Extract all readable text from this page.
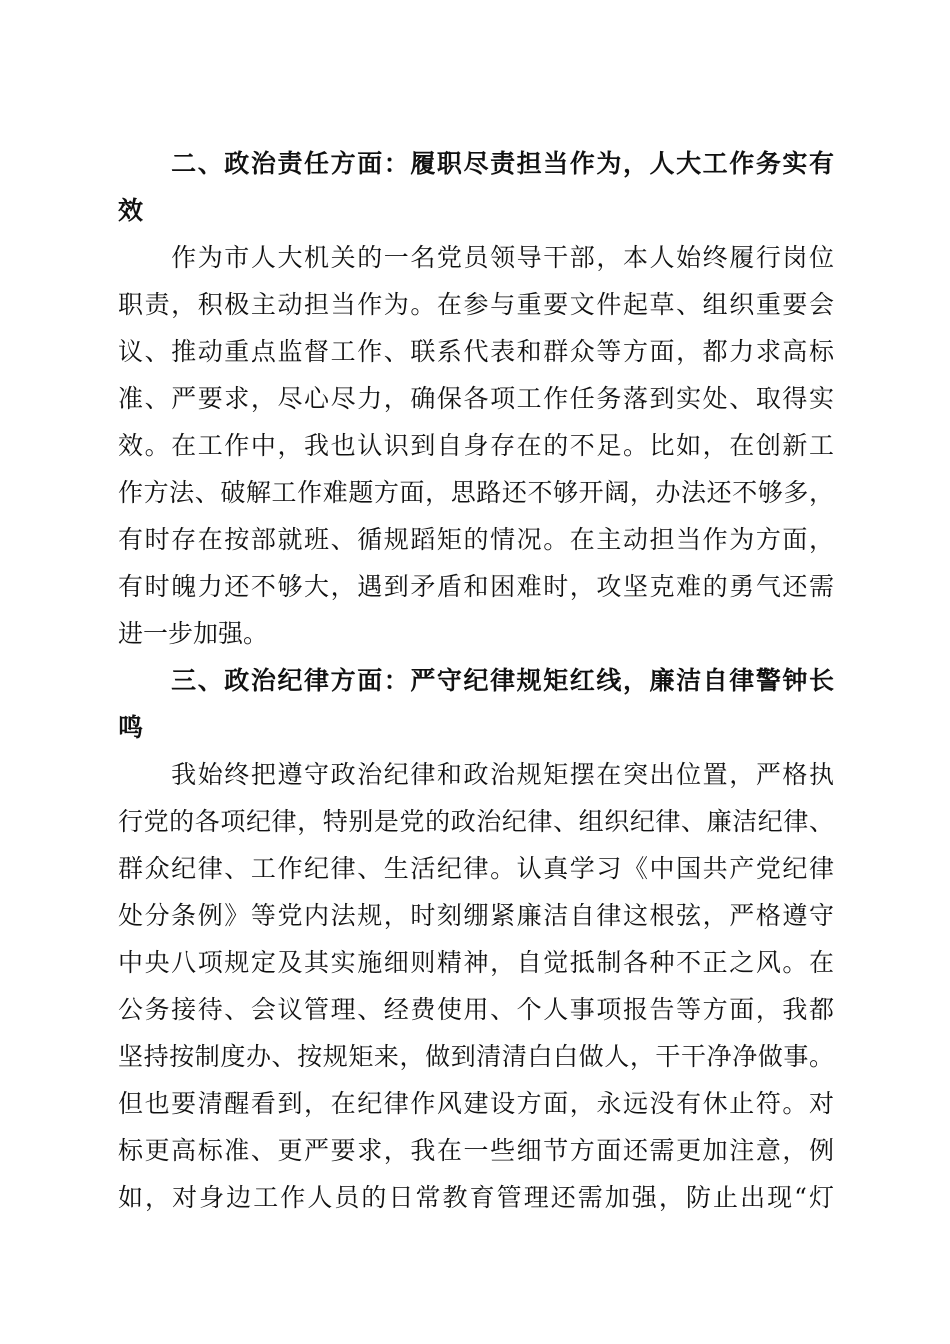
　　二、政治责任方面：履职尽责担当作为，人大工作务实有
效
　　作为市人大机关的一名党员领导干部，本人始终履行岗位
职责，积极主动担当作为。在参与重要文件起草、组织重要会
议、推动重点监督工作、联系代表和群众等方面，都力求高标
准、严要求，尽心尽力，确保各项工作任务落到实处、取得实
效。在工作中，我也认识到自身存在的不足。比如，在创新工
作方法、破解工作难题方面，思路还不够开阔，办法还不够多，
有时存在按部就班、循规蹈矩的情况。在主动担当作为方面，
有时魄力还不够大，遇到矛盾和困难时，攻坚克难的勇气还需
进一步加强。
　　三、政治纪律方面：严守纪律规矩红线，廉洁自律警钟长
鸣
　　我始终把遵守政治纪律和政治规矩摆在突出位置，严格执
行党的各项纪律，特别是党的政治纪律、组织纪律、廉洁纪律、
群众纪律、工作纪律、生活纪律。认真学习《中国共产党纪律
处分条例》等党内法规，时刻绷紧廉洁自律这根弦，严格遵守
中央八项规定及其实施细则精神，自觉抵制各种不正之风。在
公务接待、会议管理、经费使用、个人事项报告等方面，我都
坚持按制度办、按规矩来，做到清清白白做人，干干净净做事。
但也要清醒看到，在纪律作风建设方面，永远没有休止符。对
标更高标准、更严要求，我在一些细节方面还需更加注意，例
如，对身边工作人员的日常教育管理还需加强，防止出现“灯
